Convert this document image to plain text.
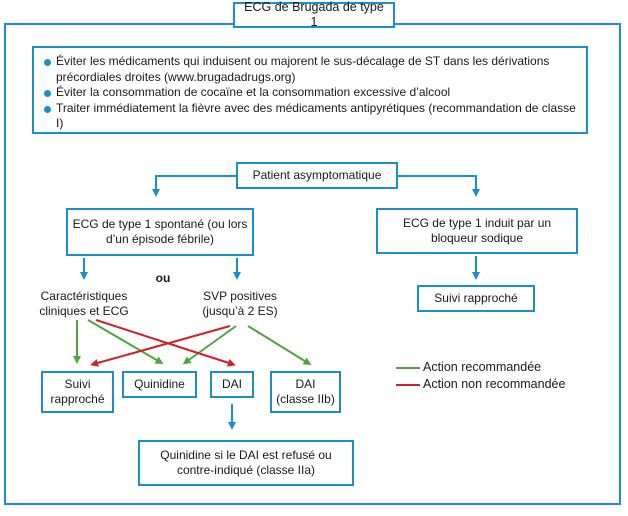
ECG de Brugada de type 1
Éviter les médicaments qui induisent ou majorent le sus-décalage de ST dans les dérivations précordiales droites (www.brugadadrugs.org)
Éviter la consommation de cocaïne et la consommation excessive d’alcool
Traiter immédiatement la fièvre avec des médicaments antipyrétiques (recommandation de classe I)
Patient asymptomatique
ECG de type 1 spontané (ou lors d’un épisode fébrile)
ECG de type 1 induit par un bloqueur sodique
Suivi rapproché
ou
Caractéristiques cliniques et ECG
SVP positives (jusqu’à 2 ES)
Suivi rapproché
Quinidine	DAI	DAI (classe IIb)
Quinidine si le DAI est refusé ou contre-indiqué (classe IIa)
Action recommandée
Action non recommandée
